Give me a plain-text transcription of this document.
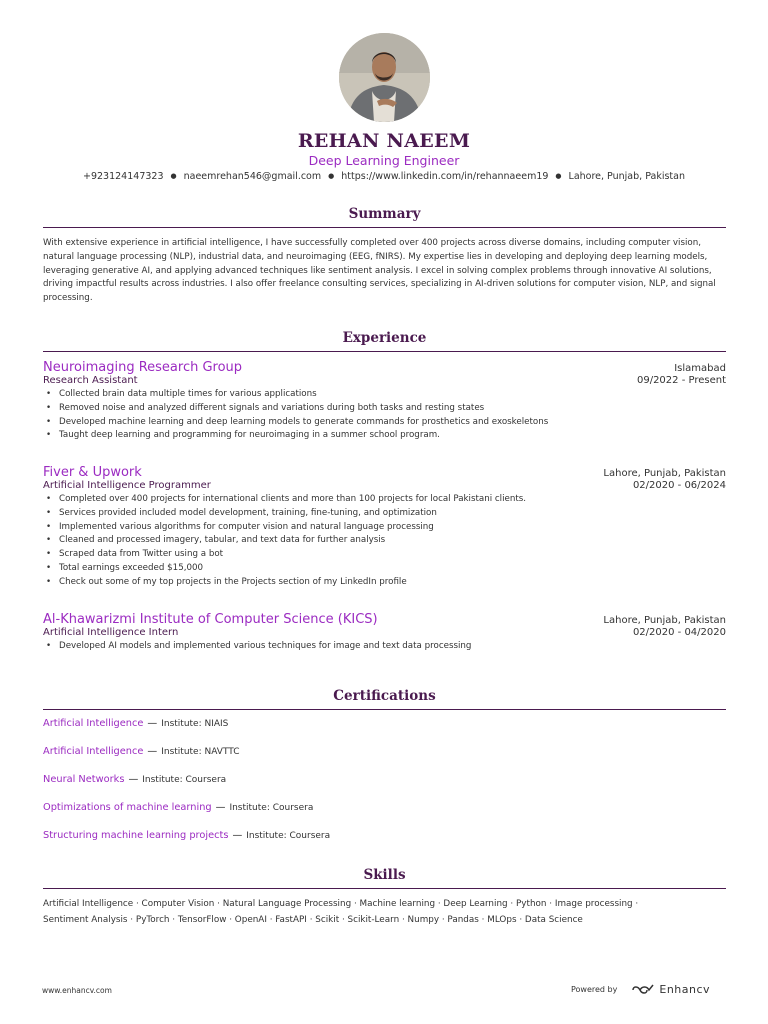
REHAN NAEEM
Deep Learning Engineer
+923124147323 ● naeemrehan546@gmail.com ● https://www.linkedin.com/in/rehannaeem19 ● Lahore, Punjab, Pakistan
Summary
With extensive experience in artificial intelligence, I have successfully completed over 400 projects across diverse domains, including computer vision, natural language processing (NLP), industrial data, and neuroimaging (EEG, fNIRS). My expertise lies in developing and deploying deep learning models, leveraging generative AI, and applying advanced techniques like sentiment analysis. I excel in solving complex problems through innovative AI solutions, driving impactful results across industries. I also offer freelance consulting services, specializing in AI-driven solutions for computer vision, NLP, and signal processing.
Experience
Neuroimaging Research Group	Islamabad
Research Assistant	09/2022 - Present
• Collected brain data multiple times for various applications
• Removed noise and analyzed different signals and variations during both tasks and resting states
• Developed machine learning and deep learning models to generate commands for prosthetics and exoskeletons
• Taught deep learning and programming for neuroimaging in a summer school program.
Fiver & Upwork	Lahore, Punjab, Pakistan
Artificial Intelligence Programmer	02/2020 - 06/2024
• Completed over 400 projects for international clients and more than 100 projects for local Pakistani clients.
• Services provided included model development, training, fine-tuning, and optimization
• Implemented various algorithms for computer vision and natural language processing
• Cleaned and processed imagery, tabular, and text data for further analysis
• Scraped data from Twitter using a bot
• Total earnings exceeded $15,000
• Check out some of my top projects in the Projects section of my LinkedIn profile
Al-Khawarizmi Institute of Computer Science (KICS)	Lahore, Punjab, Pakistan
Artificial Intelligence Intern	02/2020 - 04/2020
• Developed AI models and implemented various techniques for image and text data processing
Certifications
Artificial Intelligence — Institute: NIAIS
Artificial Intelligence — Institute: NAVTTC
Neural Networks — Institute: Coursera
Optimizations of machine learning — Institute: Coursera
Structuring machine learning projects — Institute: Coursera
Skills
Artificial Intelligence · Computer Vision · Natural Language Processing · Machine learning · Deep Learning · Python · Image processing ·
Sentiment Analysis · PyTorch · TensorFlow · OpenAI · FastAPI · Scikit · Scikit-Learn · Numpy · Pandas · MLOps · Data Science
www.enhancv.com	Powered by	Enhancv
